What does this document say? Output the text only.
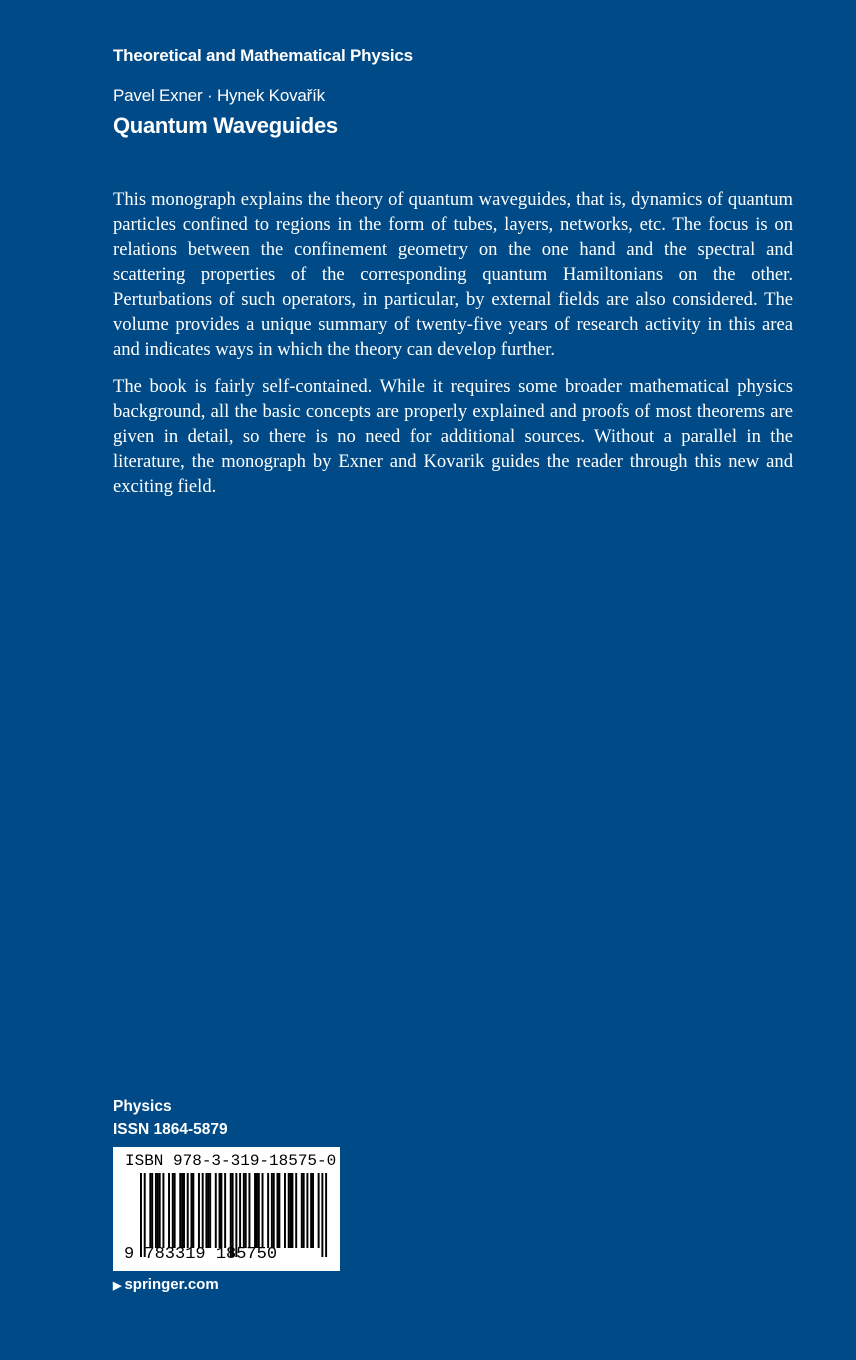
Theoretical and Mathematical Physics
Pavel Exner · Hynek Kovařík
Quantum Waveguides

This monograph explains the theory of quantum waveguides, that is, dynamics of quantum particles confined to regions in the form of tubes, layers, networks, etc. The focus is on relations between the confinement geometry on the one hand and the spectral and scattering properties of the corresponding quantum Hamiltonians on the other. Perturbations of such operators, in particular, by external fields are also considered. The volume provides a unique summary of twenty-five years of research activity in this area and indicates ways in which the theory can develop further.

The book is fairly self-contained. While it requires some broader mathematical physics background, all the basic concepts are properly explained and proofs of most theorems are given in detail, so there is no need for additional sources. Without a parallel in the literature, the monograph by Exner and Kovarik guides the reader through this new and exciting field.

Physics
ISSN 1864-5879
ISBN 978-3-319-18575-0
9 783319 185750
▶ springer.com
